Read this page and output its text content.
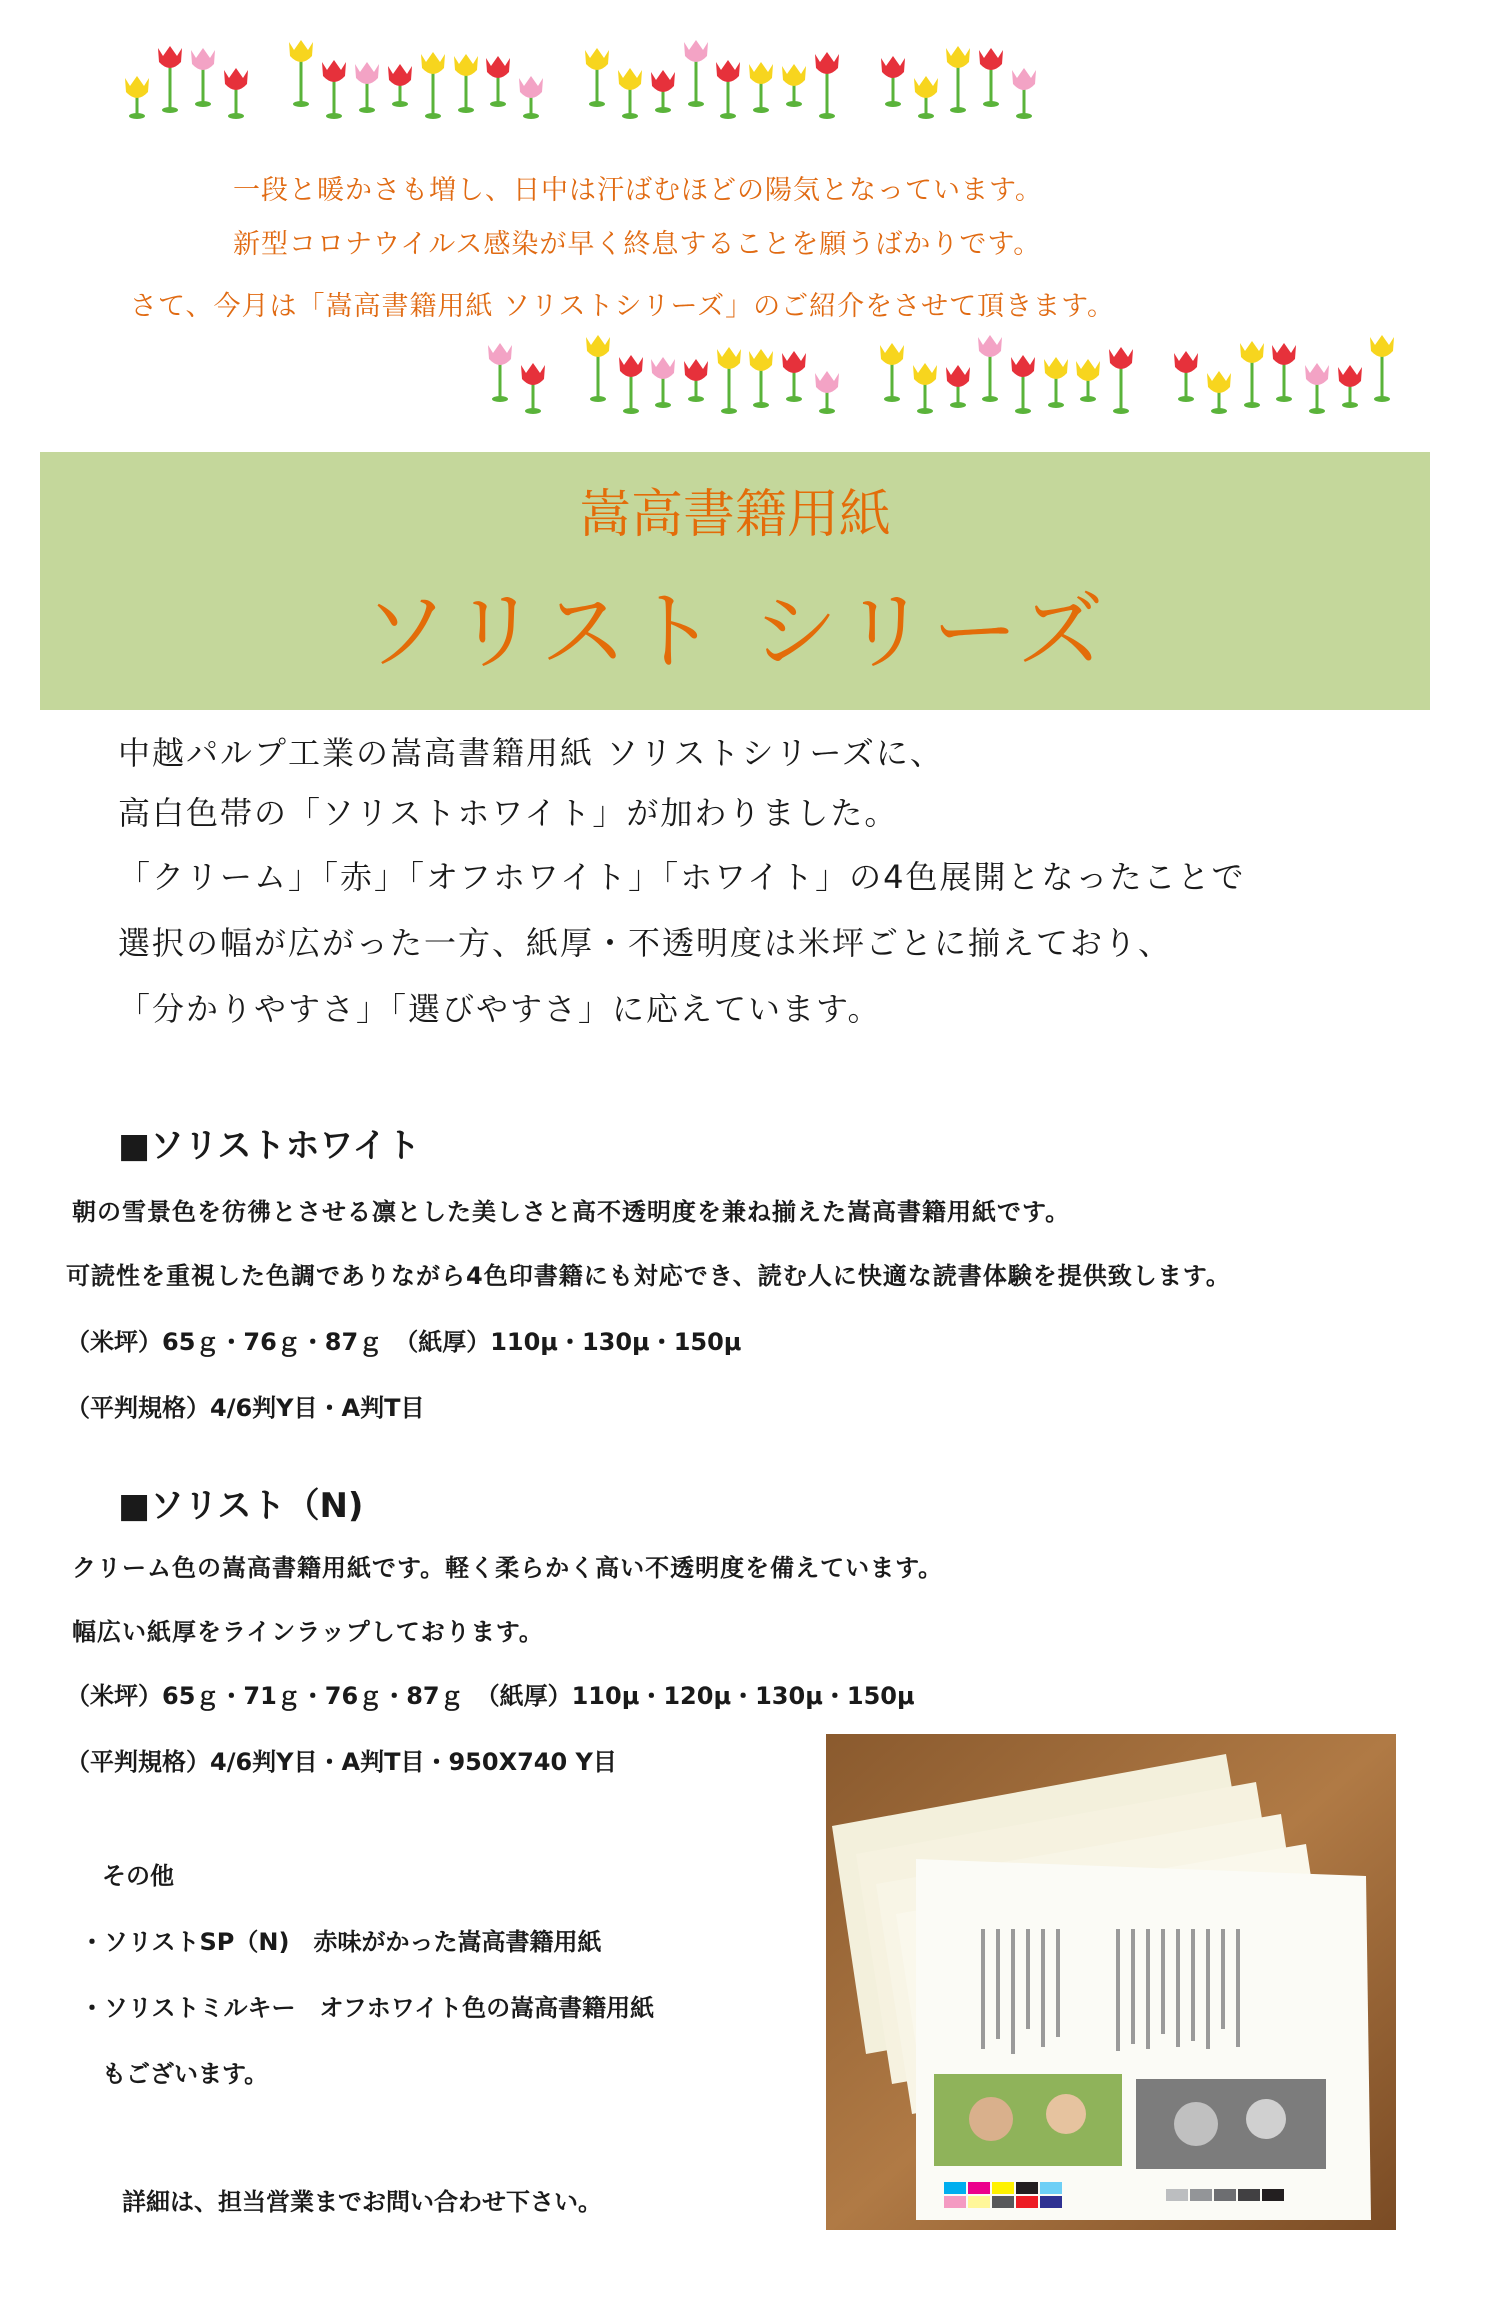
一段と暖かさも増し、日中は汗ばむほどの陽気となっています。
新型コロナウイルス感染が早く終息することを願うばかりです。
さて、今月は「嵩高書籍用紙 ソリストシリーズ」のご紹介をさせて頂きます。
嵩高書籍用紙
ソリスト シリーズ
中越パルプ工業の嵩高書籍用紙 ソリストシリーズに、
高白色帯の「ソリストホワイト」が加わりました。
「クリーム」「赤」「オフホワイト」「ホワイト」の4色展開となったことで
選択の幅が広がった一方、紙厚・不透明度は米坪ごとに揃えており、
「分かりやすさ」「選びやすさ」に応えています。
■ソリストホワイト
朝の雪景色を彷彿とさせる凛とした美しさと高不透明度を兼ね揃えた嵩高書籍用紙です。
可読性を重視した色調でありながら4色印書籍にも対応でき、読む人に快適な読書体験を提供致します。
（米坪）65ｇ・76ｇ・87ｇ　（紙厚）110μ・130μ・150μ
（平判規格）4/6判Y目・A判T目
■ソリスト（N)
クリーム色の嵩高書籍用紙です。軽く柔らかく高い不透明度を備えています。
幅広い紙厚をラインラップしております。
（米坪）65ｇ・71ｇ・76ｇ・87ｇ　（紙厚）110μ・120μ・130μ・150μ
（平判規格）4/6判Y目・A判T目・950X740 Y目
その他
・ソリストSP（N)　赤味がかった嵩高書籍用紙
・ソリストミルキー　オフホワイト色の嵩高書籍用紙
もございます。
詳細は、担当営業までお問い合わせ下さい。
